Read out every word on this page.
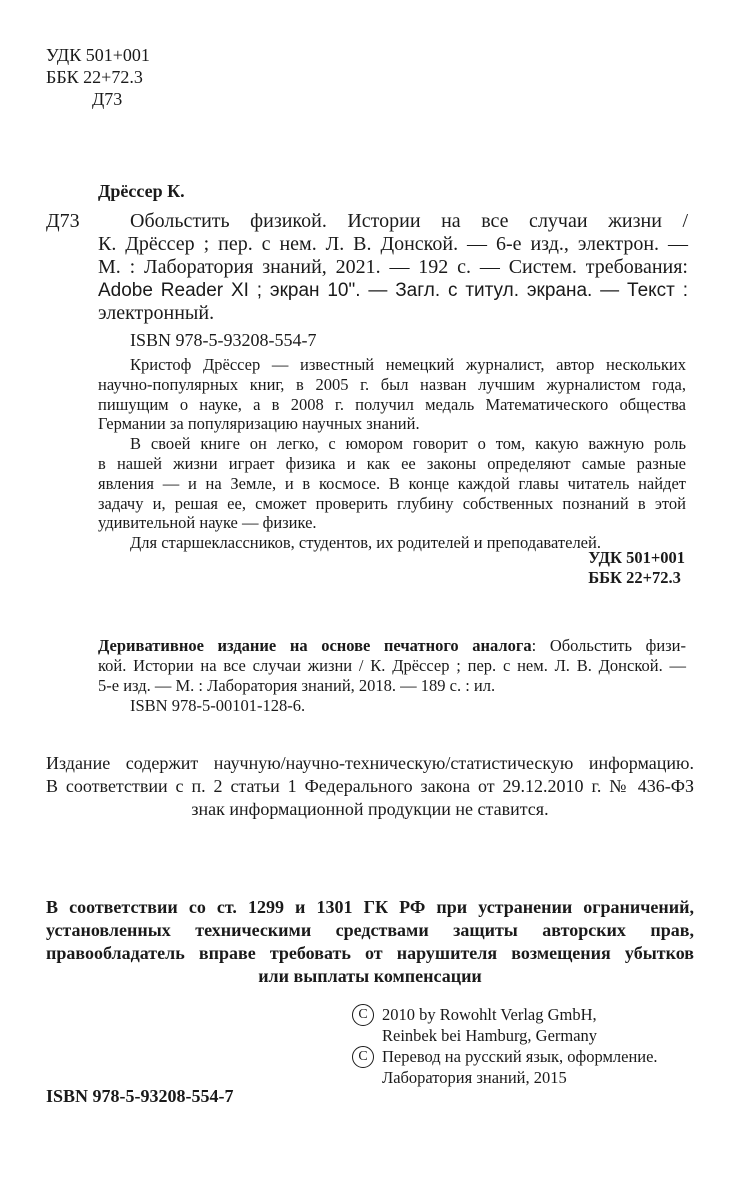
УДК 501+001
ББК 22+72.3
Д73
Дрёссер К.
Д73	Обольстить физикой. Истории на все случаи жизни /
К. Дрёссер ; пер. с нем. Л. В. Донской. — 6-е изд., электрон. —
М. : Лаборатория знаний, 2021. — 192 с. — Систем. требования:
Adobe Reader XI ; экран 10". — Загл. с титул. экрана. — Текст :
электронный.
ISBN 978-5-93208-554-7
Кристоф Дрёссер — известный немецкий журналист, автор нескольких
научно-популярных книг, в 2005 г. был назван лучшим журналистом года,
пишущим о науке, а в 2008 г. получил медаль Математического общества
Германии за популяризацию научных знаний.
В своей книге он легко, с юмором говорит о том, какую важную роль
в нашей жизни играет физика и как ее законы определяют самые разные
явления — и на Земле, и в космосе. В конце каждой главы читатель найдет
задачу и, решая ее, сможет проверить глубину собственных познаний в этой
удивительной науке — физике.
Для старшеклассников, студентов, их родителей и преподавателей.
УДК 501+001
ББК 22+72.3
Деривативное издание на основе печатного аналога: Обольстить физи-
кой. Истории на все случаи жизни / К. Дрёссер ; пер. с нем. Л. В. Донской. —
5-е изд. — М. : Лаборатория знаний, 2018. — 189 с. : ил.
ISBN 978-5-00101-128-6.
Издание содержит научную/научно-техническую/статистическую информацию.
В соответствии с п. 2 статьи 1 Федерального закона от 29.12.2010 г. № 436-ФЗ
знак информационной продукции не ставится.
В соответствии со ст. 1299 и 1301 ГК РФ при устранении ограничений,
установленных техническими средствами защиты авторских прав,
правообладатель вправе требовать от нарушителя возмещения убытков
или выплаты компенсации
C 2010 by Rowohlt Verlag GmbH,
Reinbek bei Hamburg, Germany
C Перевод на русский язык, оформление.
Лаборатория знаний, 2015
ISBN 978-5-93208-554-7
